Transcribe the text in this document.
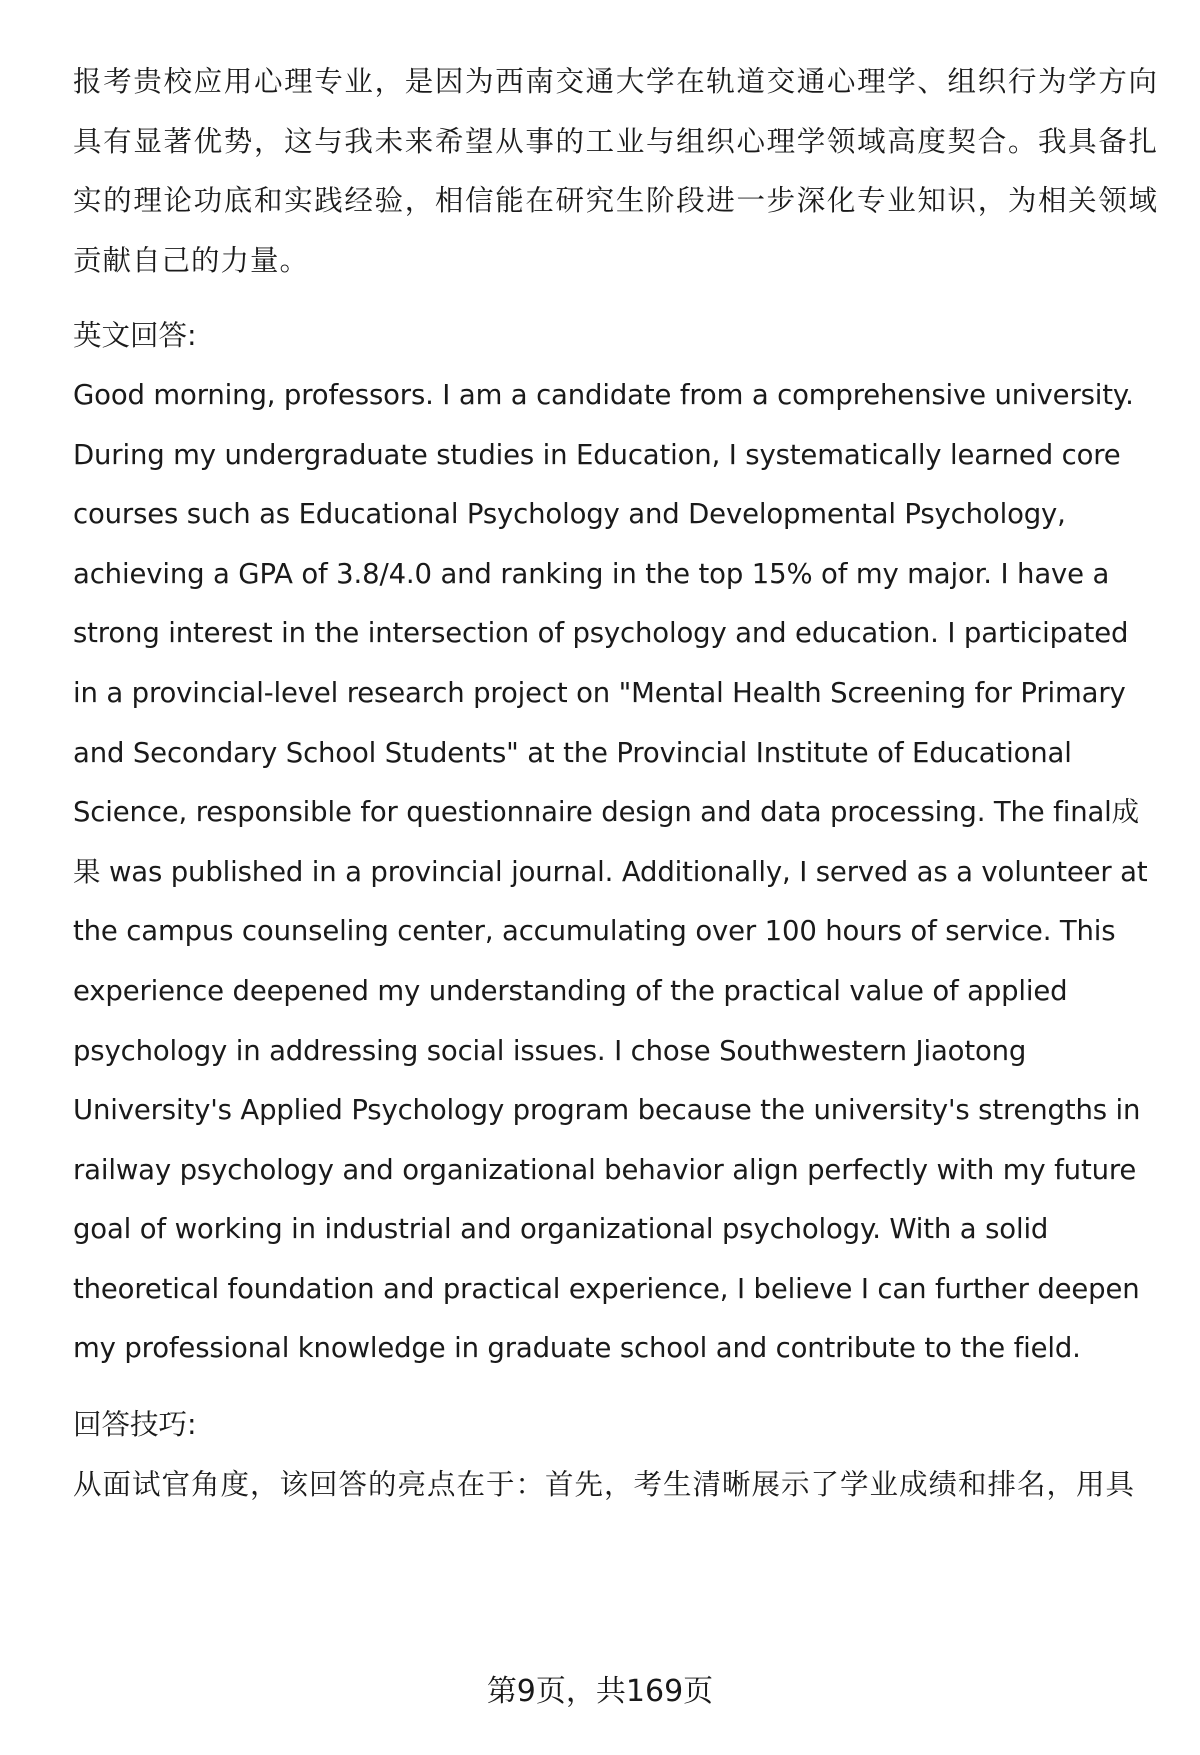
报考贵校应用心理专业，是因为西南交通大学在轨道交通心理学、组织行为学方向具有显著优势，这与我未来希望从事的工业与组织心理学领域高度契合。我具备扎实的理论功底和实践经验，相信能在研究生阶段进一步深化专业知识，为相关领域贡献自己的力量。

英文回答:

Good morning, professors. I am a candidate from a comprehensive university. During my undergraduate studies in Education, I systematically learned core courses such as Educational Psychology and Developmental Psychology, achieving a GPA of 3.8/4.0 and ranking in the top 15% of my major. I have a strong interest in the intersection of psychology and education. I participated in a provincial-level research project on "Mental Health Screening for Primary and Secondary School Students" at the Provincial Institute of Educational Science, responsible for questionnaire design and data processing. The final成果 was published in a provincial journal. Additionally, I served as a volunteer at the campus counseling center, accumulating over 100 hours of service. This experience deepened my understanding of the practical value of applied psychology in addressing social issues. I chose Southwestern Jiaotong University's Applied Psychology program because the university's strengths in railway psychology and organizational behavior align perfectly with my future goal of working in industrial and organizational psychology. With a solid theoretical foundation and practical experience, I believe I can further deepen my professional knowledge in graduate school and contribute to the field.

回答技巧:

从面试官角度，该回答的亮点在于：首先，考生清晰展示了学业成绩和排名，用具

第9页，共169页
